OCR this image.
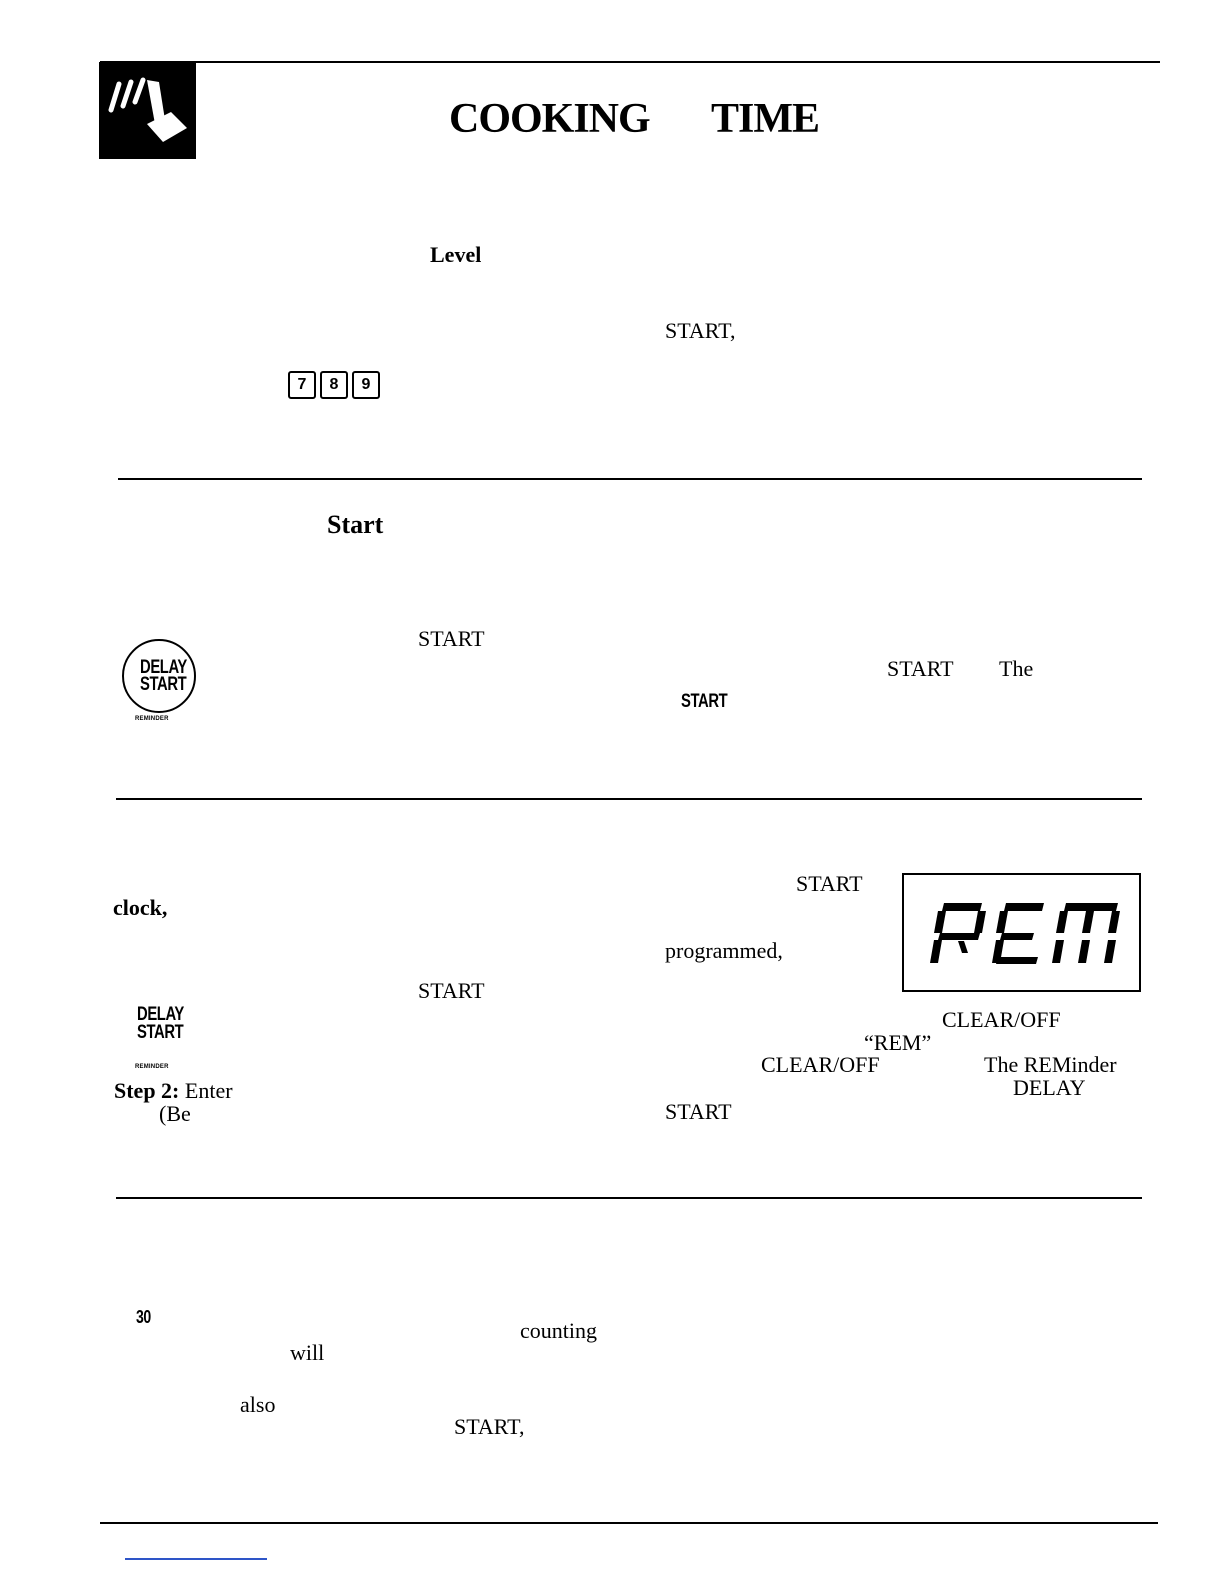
COOKING TIME
Level
START,
7 8 9
Start
DELAY
START
REMINDER
START
START The
START
START
clock,
programmed,
START
DELAY
START
REMINDER
CLEAR/OFF
“REM”
CLEAR/OFF	The REMinder
Step 2: Enter	DELAY
(Be	START
30
counting
will
also
START,
